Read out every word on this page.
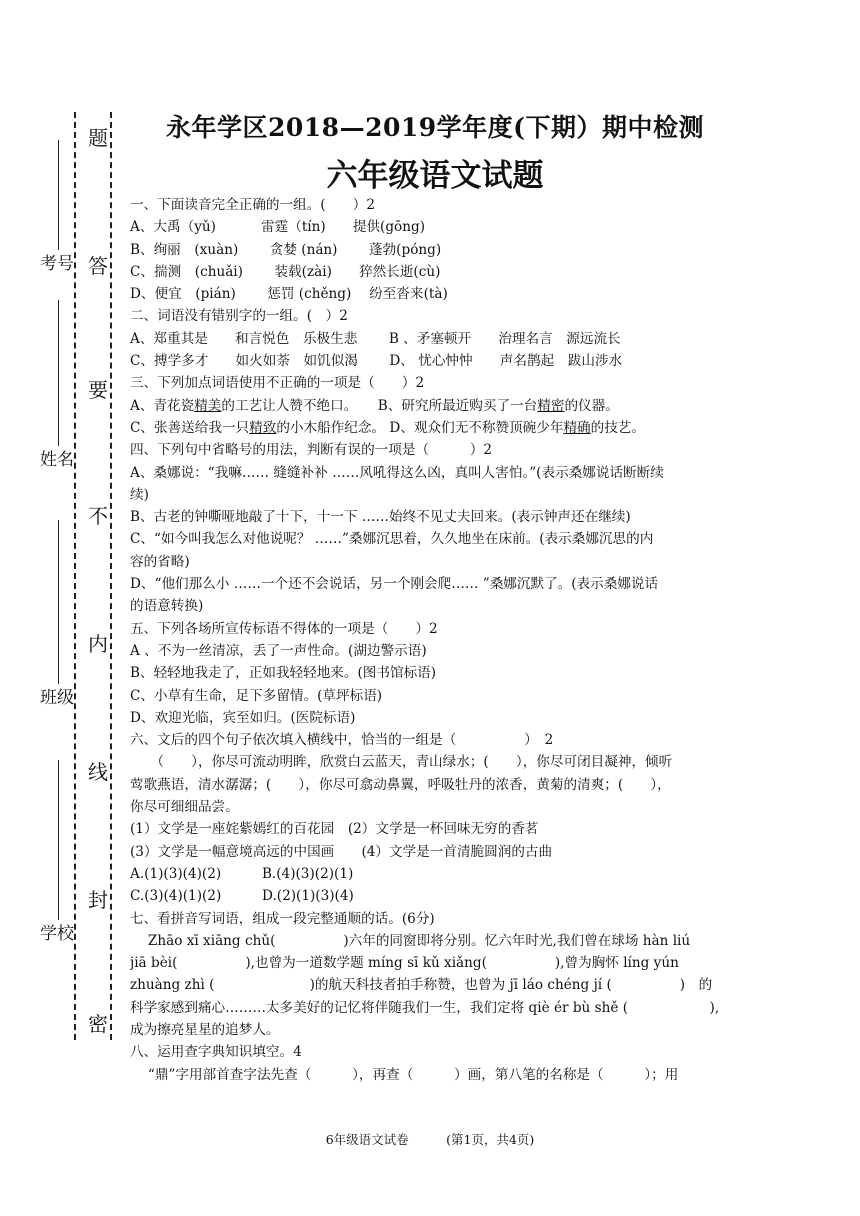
考号
姓名
班级
学校
题
答
要
不
内
线
封
密
永年学区2018—2019学年度(下期）期中检测
六年级语文试题
一、下面读音完全正确的一组。(　　）2
A、大禹（yǔ)　　　 雷霆（tín)　　提供(gōng)
B、绚丽　(xuàn)　　 贪婪 (nán)　　 蓬勃(póng)
C、揣测　(chuǎi)　　 装载(zài)　　猝然长逝(cù)
D、便宜　(pián)　　 惩罚 (chěng)　 纷至沓来(tà)
二、词语没有错别字的一组。(　）2
A、郑重其是　　和言悦色　乐极生悲　　 B 、矛塞顿开　　治理名言　源远流长
C、搏学多才　　如火如荼　如饥似渴　　 D、 忧心忡忡　　声名鹊起　跋山涉水
三、下列加点词语使用不正确的一项是（　　）2
A、青花瓷精美的工艺让人赞不绝口。　　B、研究所最近购买了一台精密的仪器。
C、张善送给我一只精致的小木船作纪念。 D、观众们无不称赞顶碗少年精确的技艺。
四、下列句中省略号的用法，判断有误的一项是（　　　）2
A、桑娜说：“我嘛…… 缝缝补补 ……风吼得这么凶，真叫人害怕。”(表示桑娜说话断断续
续)
B、古老的钟嘶哑地敲了十下，十一下 ……始终不见丈夫回来。(表示钟声还在继续)
C、“如今叫我怎么对他说呢？ ……”桑娜沉思着，久久地坐在床前。(表示桑娜沉思的内
容的省略)
D、“他们那么小 ……一个还不会说话，另一个刚会爬…… ”桑娜沉默了。(表示桑娜说话
的语意转换)
五、下列各场所宣传标语不得体的一项是（　　）2
A 、不为一丝清凉，丢了一声性命。(湖边警示语)
B、轻轻地我走了，正如我轻轻地来。(图书馆标语)
C、小草有生命，足下多留情。(草坪标语)
D、欢迎光临，宾至如归。(医院标语)
六、文后的四个句子依次填入横线中，恰当的一组是（　　　　　）　2
　　（　　），你尽可流动明眸，欣赏白云蓝天，青山绿水；(　　），你尽可闭目凝神，倾听
莺歌燕语，清水潺潺；(　　），你尽可翕动鼻翼，呼吸牡丹的浓香，黄菊的清爽；(　　），
你尽可细细品尝。
(1）文学是一座姹紫嫣红的百花园　(2）文学是一杯回味无穷的香茗
(3）文学是一幅意境高远的中国画　　(4）文学是一首清脆圆润的古曲
A.(1)(3)(4)(2)　　　B.(4)(3)(2)(1)
C.(3)(4)(1)(2)　　　D.(2)(1)(3)(4)
七、看拼音写词语，组成一段完整通顺的话。(6分)
　 Zhāo xī xiāng chǔ(　　　　　)六年的同窗即将分别。忆六年时光,我们曾在球场 hàn liú
jiā bèi(　　　　　),也曾为一道数学题 míng sī kǔ xiǎng(　　　　　),曾为胸怀 líng yún
zhuàng zhì (　　　　　　　)的航天科技者拍手称赞，也曾为 jī láo chéng jí (　　　　　)　的
科学家感到痛心………太多美好的记忆将伴随我们一生，我们定将 qiè ér bù shě (　　　　　　),
成为擦亮星星的追梦人。
八、运用查字典知识填空。4
　 “鼎”字用部首查字法先查（　　　），再查（　　　）画，第八笔的名称是（　　　）；用
6年级语文试卷　　　(第1页，共4页)
